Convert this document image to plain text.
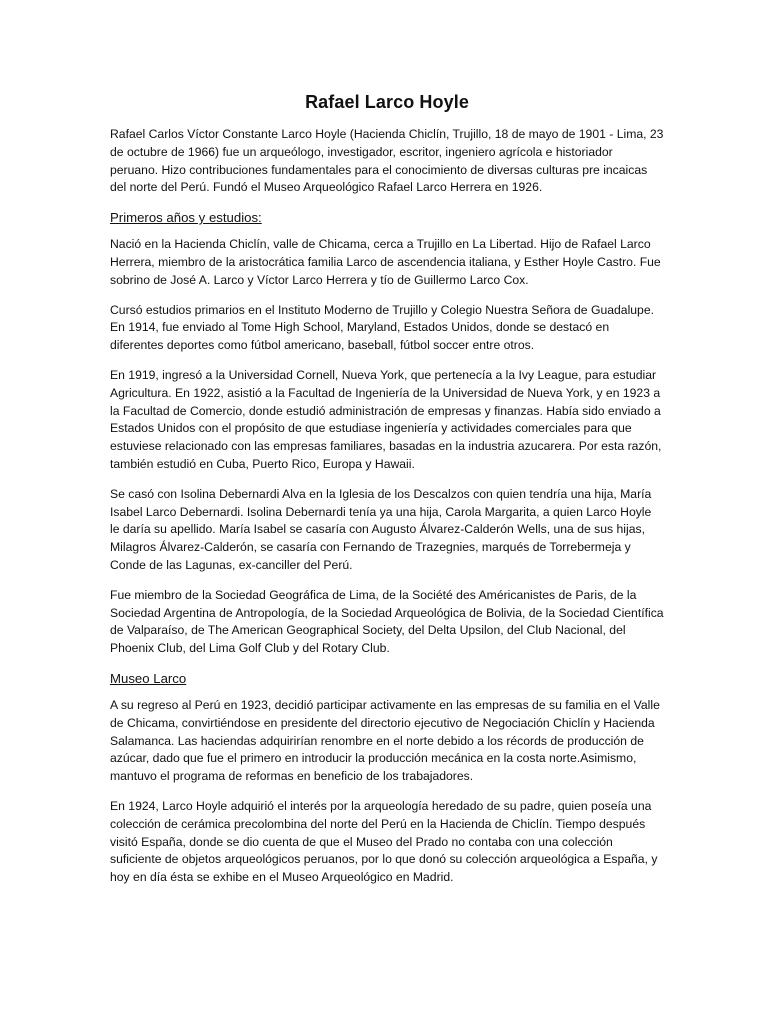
Rafael Larco Hoyle

Rafael Carlos Víctor Constante Larco Hoyle (Hacienda Chiclín, Trujillo, 18 de mayo de 1901 - Lima, 23 de octubre de 1966) fue un arqueólogo, investigador, escritor, ingeniero agrícola e historiador peruano. Hizo contribuciones fundamentales para el conocimiento de diversas culturas pre incaicas del norte del Perú. Fundó el Museo Arqueológico Rafael Larco Herrera en 1926.

Primeros años y estudios:

Nació en la Hacienda Chiclín, valle de Chicama, cerca a Trujillo en La Libertad. Hijo de Rafael Larco Herrera, miembro de la aristocrática familia Larco de ascendencia italiana, y Esther Hoyle Castro. Fue sobrino de José A. Larco y Víctor Larco Herrera y tío de Guillermo Larco Cox.

Cursó estudios primarios en el Instituto Moderno de Trujillo y Colegio Nuestra Señora de Guadalupe. En 1914, fue enviado al Tome High School, Maryland, Estados Unidos, donde se destacó en diferentes deportes como fútbol americano, baseball, fútbol soccer entre otros.

En 1919, ingresó a la Universidad Cornell, Nueva York, que pertenecía a la Ivy League, para estudiar Agricultura. En 1922, asistió a la Facultad de Ingeniería de la Universidad de Nueva York, y en 1923 a la Facultad de Comercio, donde estudió administración de empresas y finanzas. Había sido enviado a Estados Unidos con el propósito de que estudiase ingeniería y actividades comerciales para que estuviese relacionado con las empresas familiares, basadas en la industria azucarera. Por esta razón, también estudió en Cuba, Puerto Rico, Europa y Hawaii.

Se casó con Isolina Debernardi Alva en la Iglesia de los Descalzos con quien tendría una hija, María Isabel Larco Debernardi. Isolina Debernardi tenía ya una hija, Carola Margarita, a quien Larco Hoyle le daría su apellido. María Isabel se casaría con Augusto Álvarez-Calderón Wells, una de sus hijas, Milagros Álvarez-Calderón, se casaría con Fernando de Trazegnies, marqués de Torrebermeja y Conde de las Lagunas, ex-canciller del Perú.

Fue miembro de la Sociedad Geográfica de Lima, de la Société des Américanistes de Paris, de la Sociedad Argentina de Antropología, de la Sociedad Arqueológica de Bolivia, de la Sociedad Científica de Valparaíso, de The American Geographical Society, del Delta Upsilon, del Club Nacional, del Phoenix Club, del Lima Golf Club y del Rotary Club.

Museo Larco

A su regreso al Perú en 1923, decidió participar activamente en las empresas de su familia en el Valle de Chicama, convirtiéndose en presidente del directorio ejecutivo de Negociación Chiclín y Hacienda Salamanca. Las haciendas adquirirían renombre en el norte debido a los récords de producción de azúcar, dado que fue el primero en introducir la producción mecánica en la costa norte.Asimismo, mantuvo el programa de reformas en beneficio de los trabajadores.

En 1924, Larco Hoyle adquirió el interés por la arqueología heredado de su padre, quien poseía una colección de cerámica precolombina del norte del Perú en la Hacienda de Chiclín. Tiempo después visitó España, donde se dio cuenta de que el Museo del Prado no contaba con una colección suficiente de objetos arqueológicos peruanos, por lo que donó su colección arqueológica a España, y hoy en día ésta se exhibe en el Museo Arqueológico en Madrid.
